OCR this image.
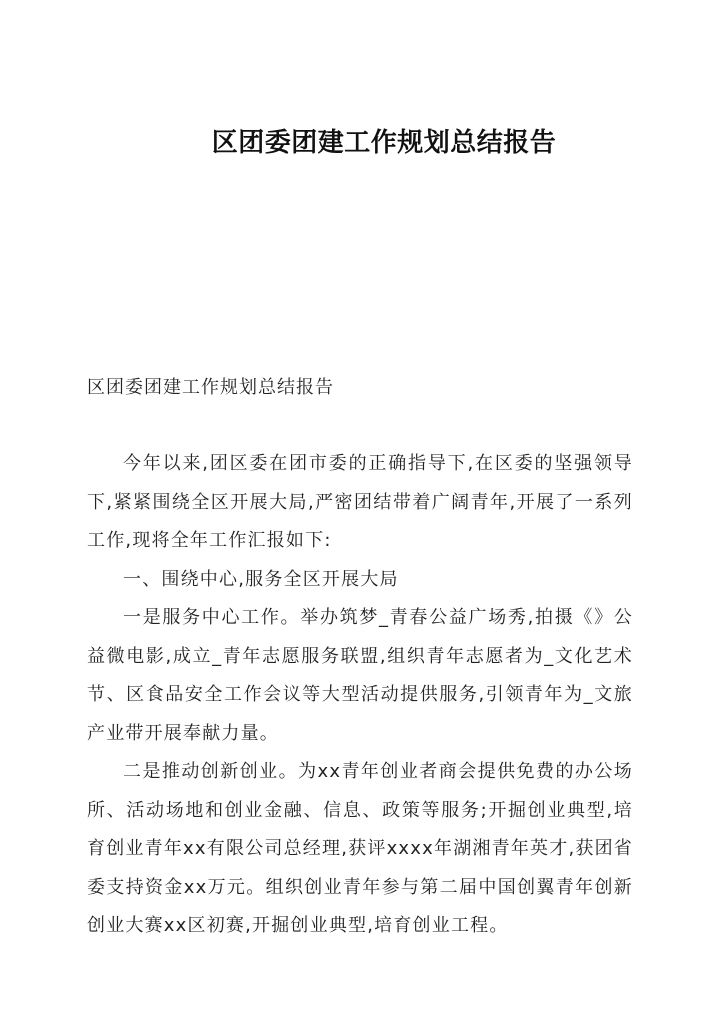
区团委团建工作规划总结报告
区团委团建工作规划总结报告

今年以来,团区委在团市委的正确指导下,在区委的坚强领导下,紧紧围绕全区开展大局,严密团结带着广阔青年,开展了一系列工作,现将全年工作汇报如下:

一、围绕中心,服务全区开展大局

一是服务中心工作。举办筑梦_青春公益广场秀,拍摄《》公益微电影,成立_青年志愿服务联盟,组织青年志愿者为_文化艺术节、区食品安全工作会议等大型活动提供服务,引领青年为_文旅产业带开展奉献力量。

二是推动创新创业。为xx青年创业者商会提供免费的办公场所、活动场地和创业金融、信息、政策等服务;开掘创业典型,培育创业青年xx有限公司总经理,获评xxxx年湖湘青年英才,获团省委支持资金xx万元。组织创业青年参与第二届中国创翼青年创新创业大赛xx区初赛,开掘创业典型,培育创业工程。
